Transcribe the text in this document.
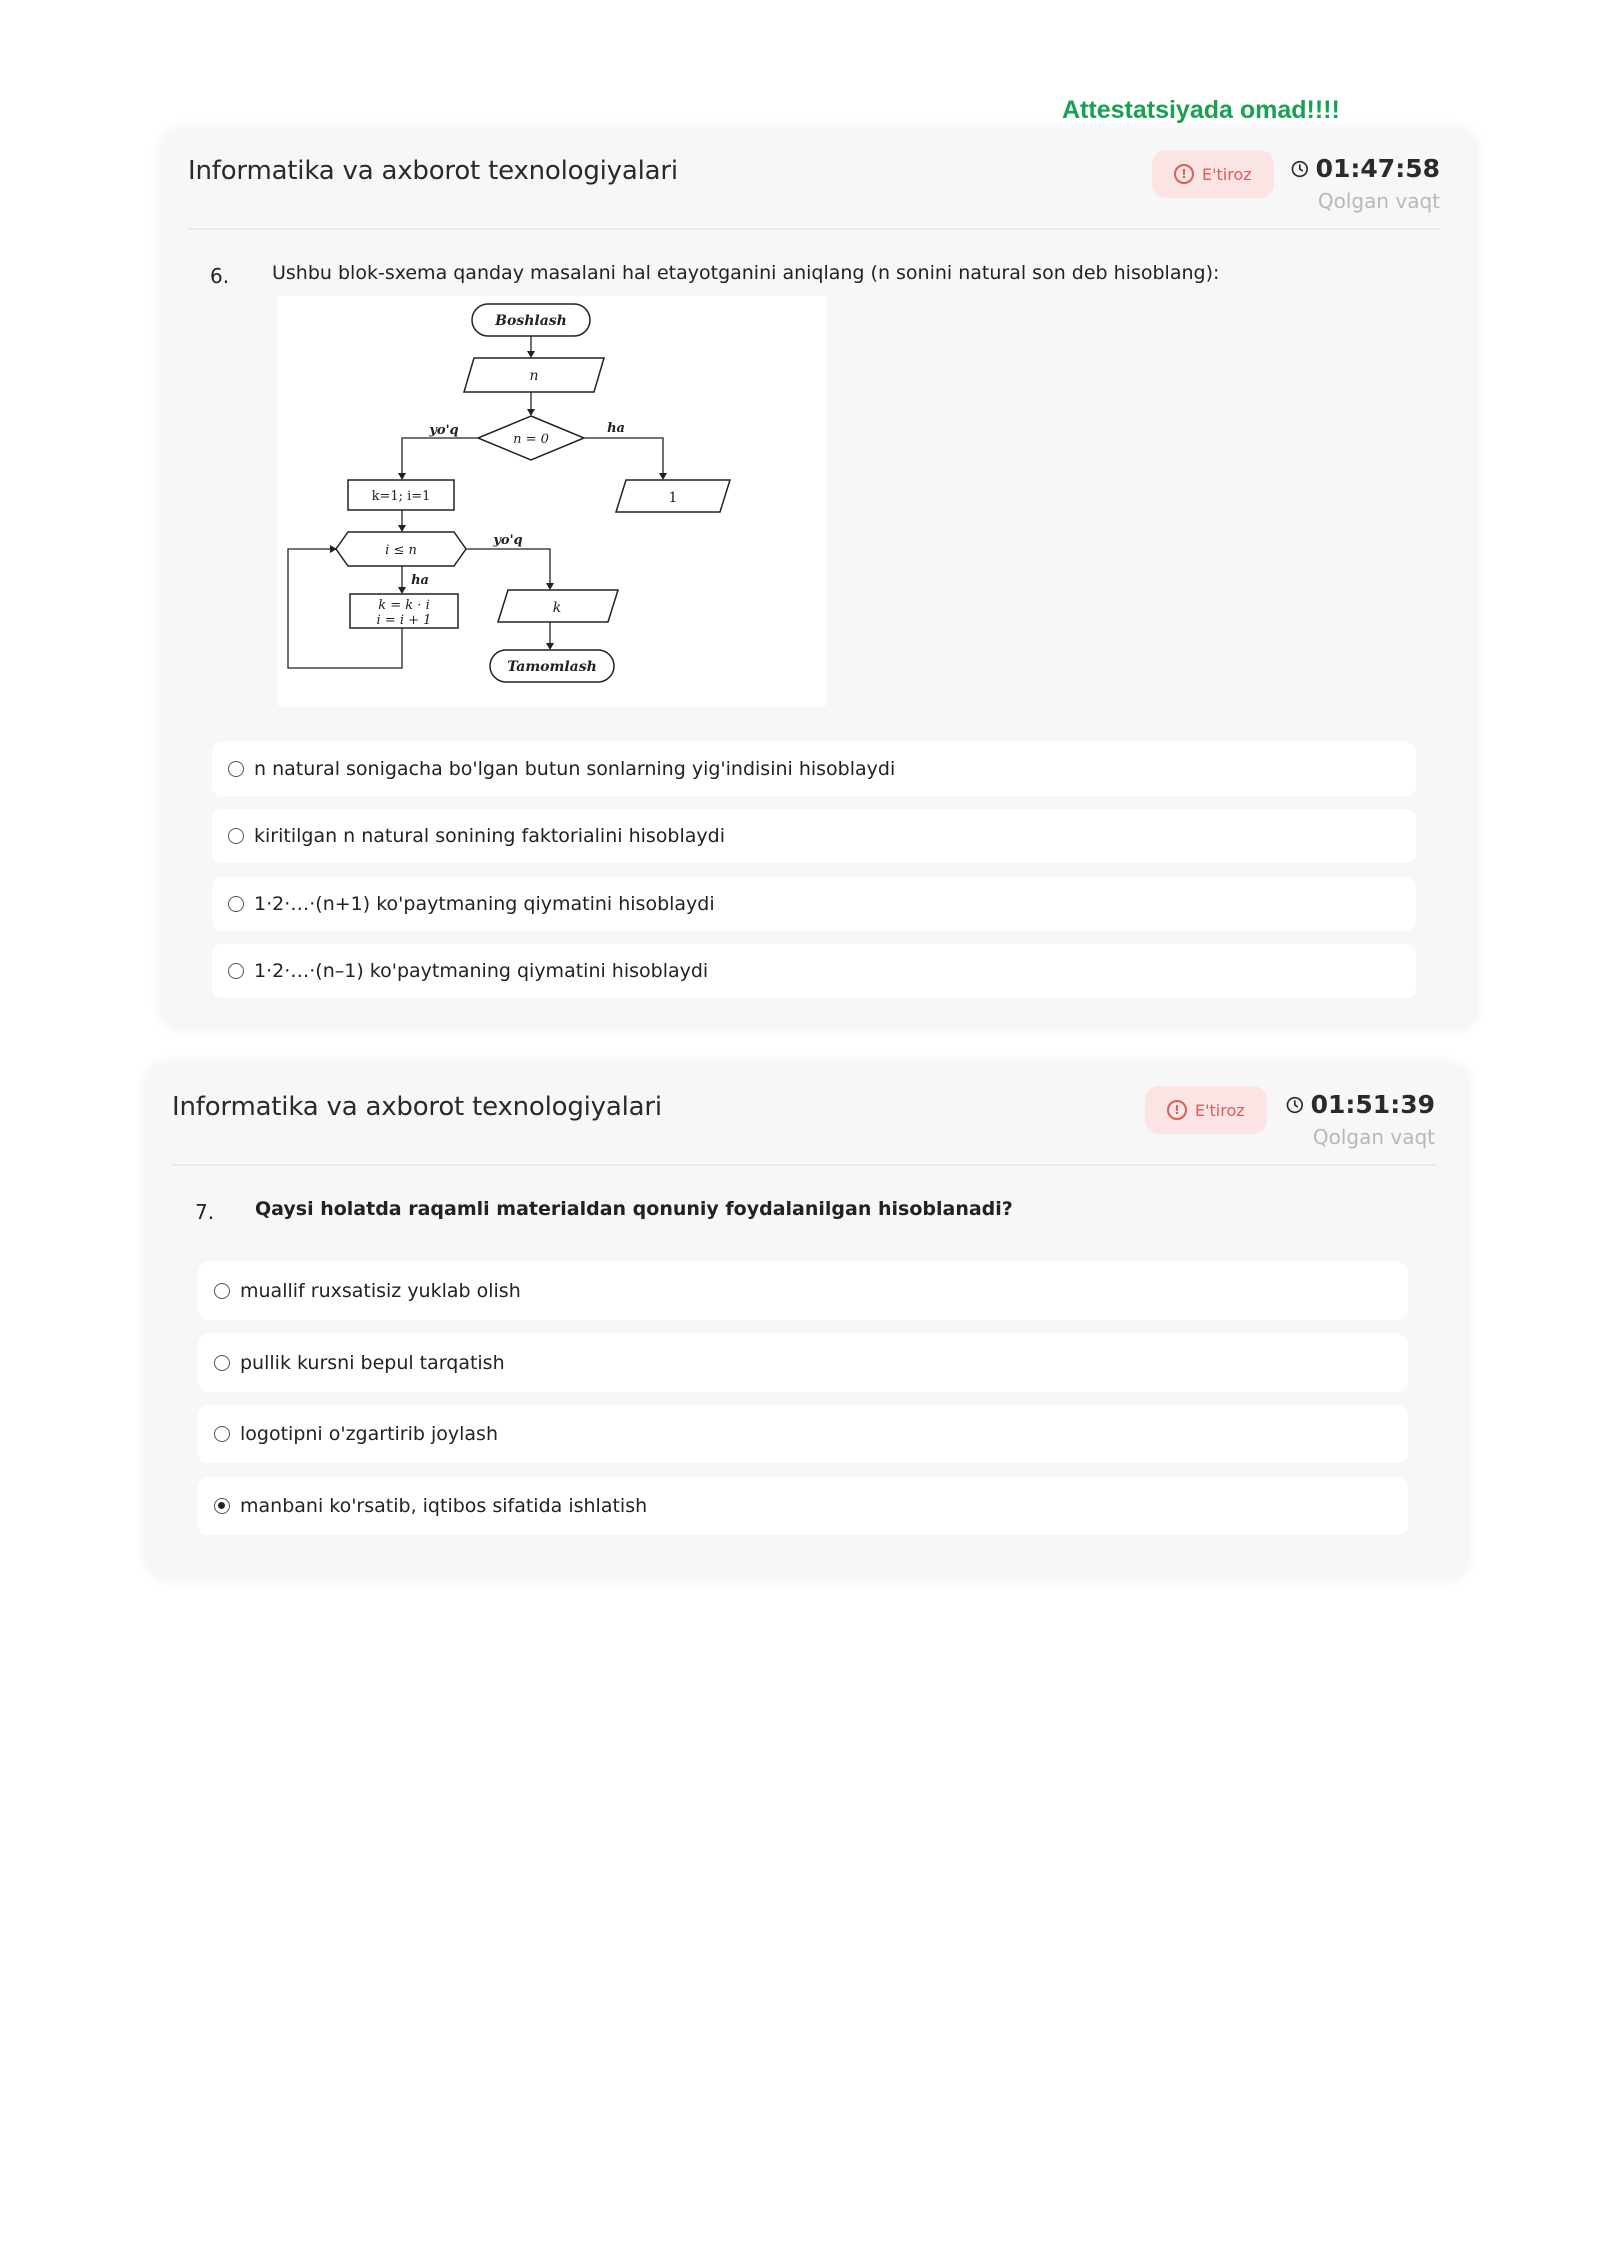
Attestatsiyada omad!!!!
Informatika va axborot texnologiyalari	! E'tiroz	01:47:58
Qolgan vaqt
6. Ushbu blok-sxema qanday masalani hal etayotganini aniqlang (n sonini natural son deb hisoblang):
Boshlash
n
n = 0
yo'q	ha
1
k=1; i=1
i ≤ n
yo'q
ha
k = k · i
i = i + 1
k
Tamomlash
n natural sonigacha bo'lgan butun sonlarning yig'indisini hisoblaydi
kiritilgan n natural sonining faktorialini hisoblaydi
1·2·…·(n+1) ko'paytmaning qiymatini hisoblaydi
1·2·…·(n–1) ko'paytmaning qiymatini hisoblaydi
Informatika va axborot texnologiyalari	! E'tiroz	01:51:39
Qolgan vaqt
7. Qaysi holatda raqamli materialdan qonuniy foydalanilgan hisoblanadi?
muallif ruxsatisiz yuklab olish
pullik kursni bepul tarqatish
logotipni o'zgartirib joylash
manbani ko'rsatib, iqtibos sifatida ishlatish
